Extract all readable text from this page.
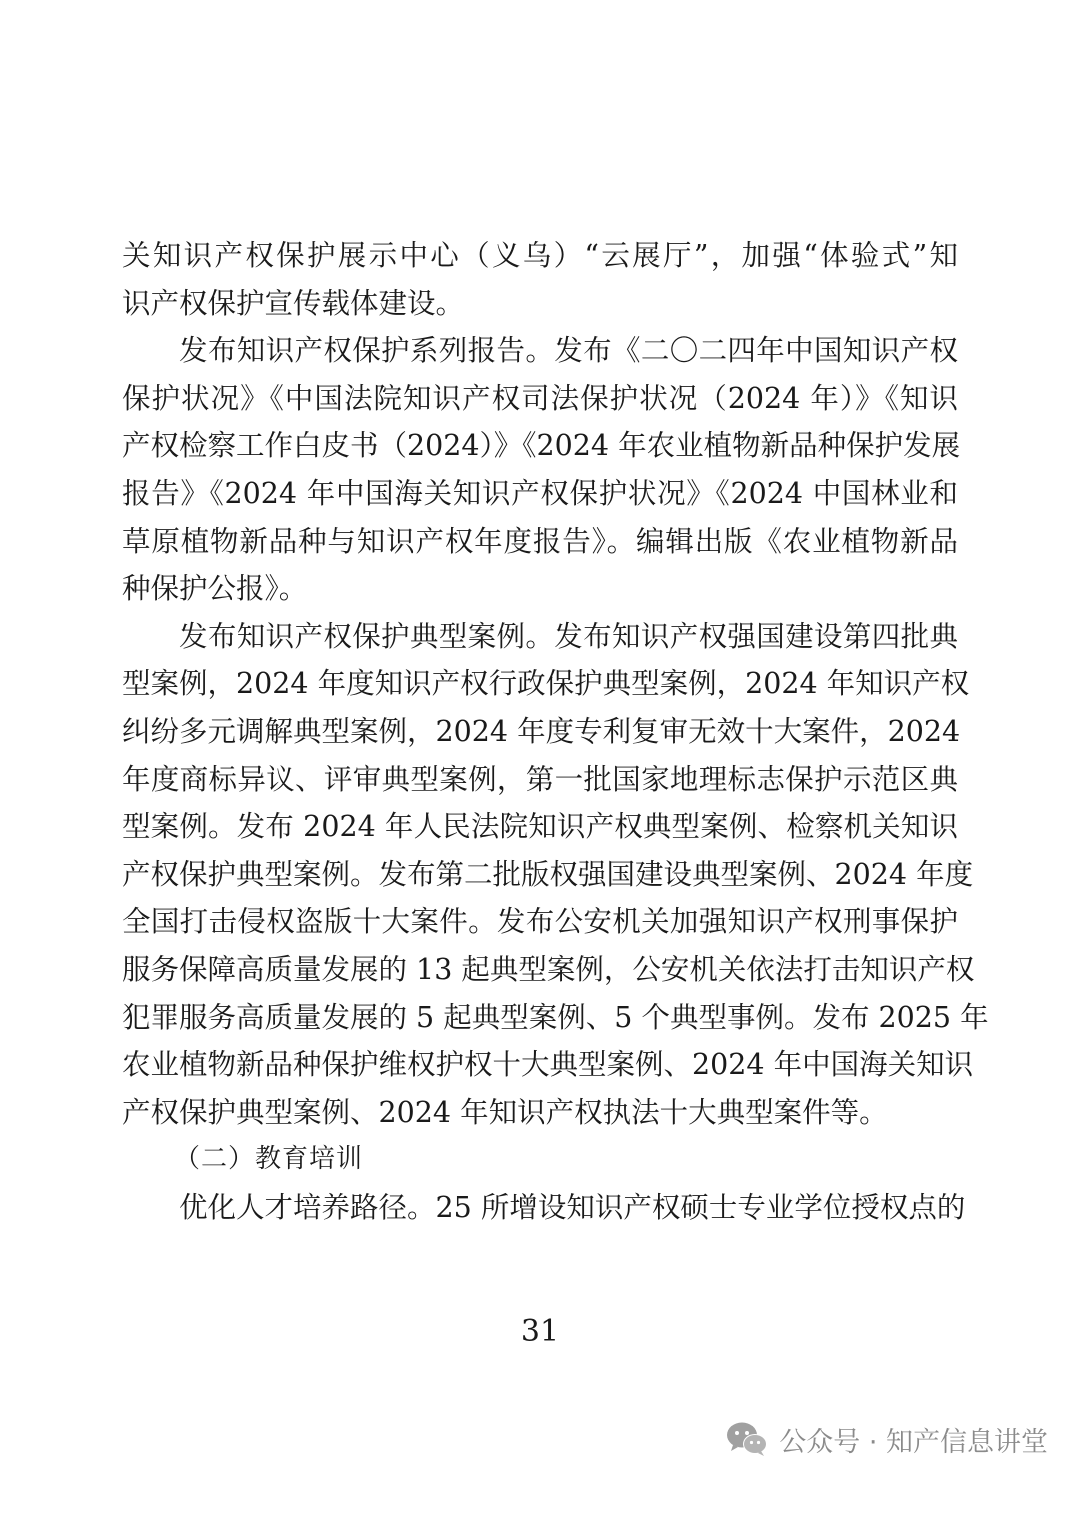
关知识产权保护展示中心（义乌）“云展厅”，加强“体验式”知
识产权保护宣传载体建设。
发布知识产权保护系列报告。发布《二〇二四年中国知识产权
保护状况》《中国法院知识产权司法保护状况（2024 年）》《知识
产权检察工作白皮书（2024）》《2024 年农业植物新品种保护发展
报告》《2024 年中国海关知识产权保护状况》《2024 中国林业和
草原植物新品种与知识产权年度报告》。编辑出版《农业植物新品
种保护公报》。
发布知识产权保护典型案例。发布知识产权强国建设第四批典
型案例，2024 年度知识产权行政保护典型案例，2024 年知识产权
纠纷多元调解典型案例，2024 年度专利复审无效十大案件，2024
年度商标异议、评审典型案例，第一批国家地理标志保护示范区典
型案例。发布 2024 年人民法院知识产权典型案例、检察机关知识
产权保护典型案例。发布第二批版权强国建设典型案例、2024 年度
全国打击侵权盗版十大案件。发布公安机关加强知识产权刑事保护
服务保障高质量发展的 13 起典型案例，公安机关依法打击知识产权
犯罪服务高质量发展的 5 起典型案例、5 个典型事例。发布 2025 年
农业植物新品种保护维权护权十大典型案例、2024 年中国海关知识
产权保护典型案例、2024 年知识产权执法十大典型案件等。
（二）教育培训
优化人才培养路径。25 所增设知识产权硕士专业学位授权点的
31
公众号 · 知产信息讲堂
